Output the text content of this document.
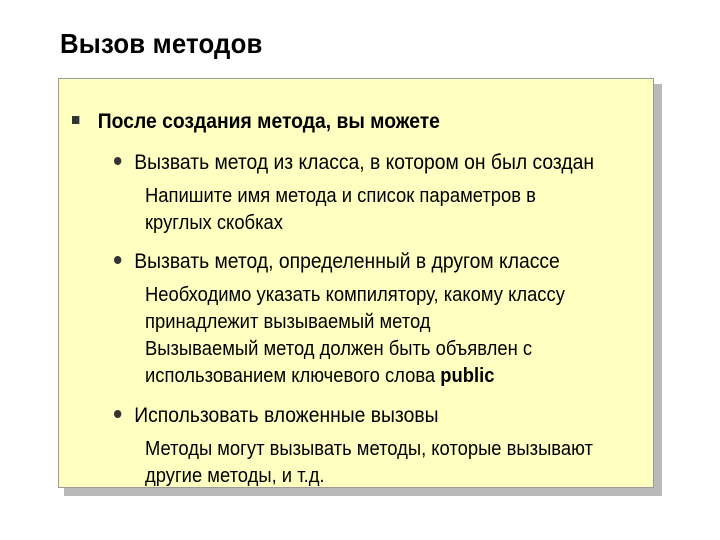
Вызов методов
После создания метода, вы можете
Вызвать метод из класса, в котором он был создан
Напишите имя метода и список параметров в
круглых скобках
Вызвать метод, определенный в другом классе
Необходимо указать компилятору, какому классу
принадлежит вызываемый метод
Вызываемый метод должен быть объявлен с
использованием ключевого слова public
Использовать вложенные вызовы
Методы могут вызывать методы, которые вызывают
другие методы, и т.д.
